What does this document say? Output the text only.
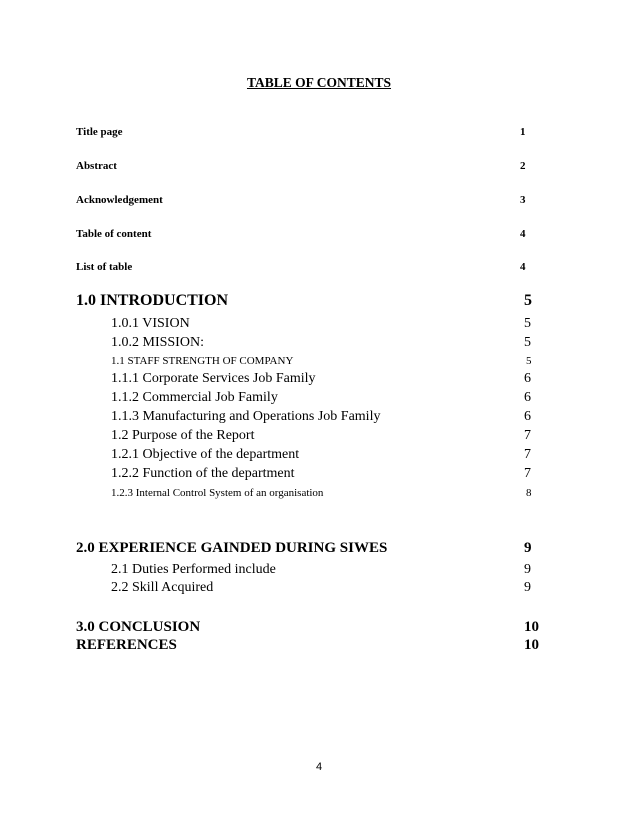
TABLE OF CONTENTS
Title page	1
Abstract	2
Acknowledgement	3
Table of content	4
List of table	4
1.0 INTRODUCTION	5
1.0.1 VISION	5
1.0.2 MISSION:	5
1.1 STAFF STRENGTH OF COMPANY	5
1.1.1 Corporate Services Job Family	6
1.1.2 Commercial Job Family	6
1.1.3 Manufacturing and Operations Job Family	6
1.2 Purpose of the Report	7
1.2.1 Objective of the department	7
1.2.2 Function of the department	7
1.2.3 Internal Control System of an organisation	8
2.0 EXPERIENCE GAINDED DURING SIWES	9
2.1 Duties Performed include	9
2.2 Skill Acquired	9
3.0 CONCLUSION	10
REFERENCES	10
4
